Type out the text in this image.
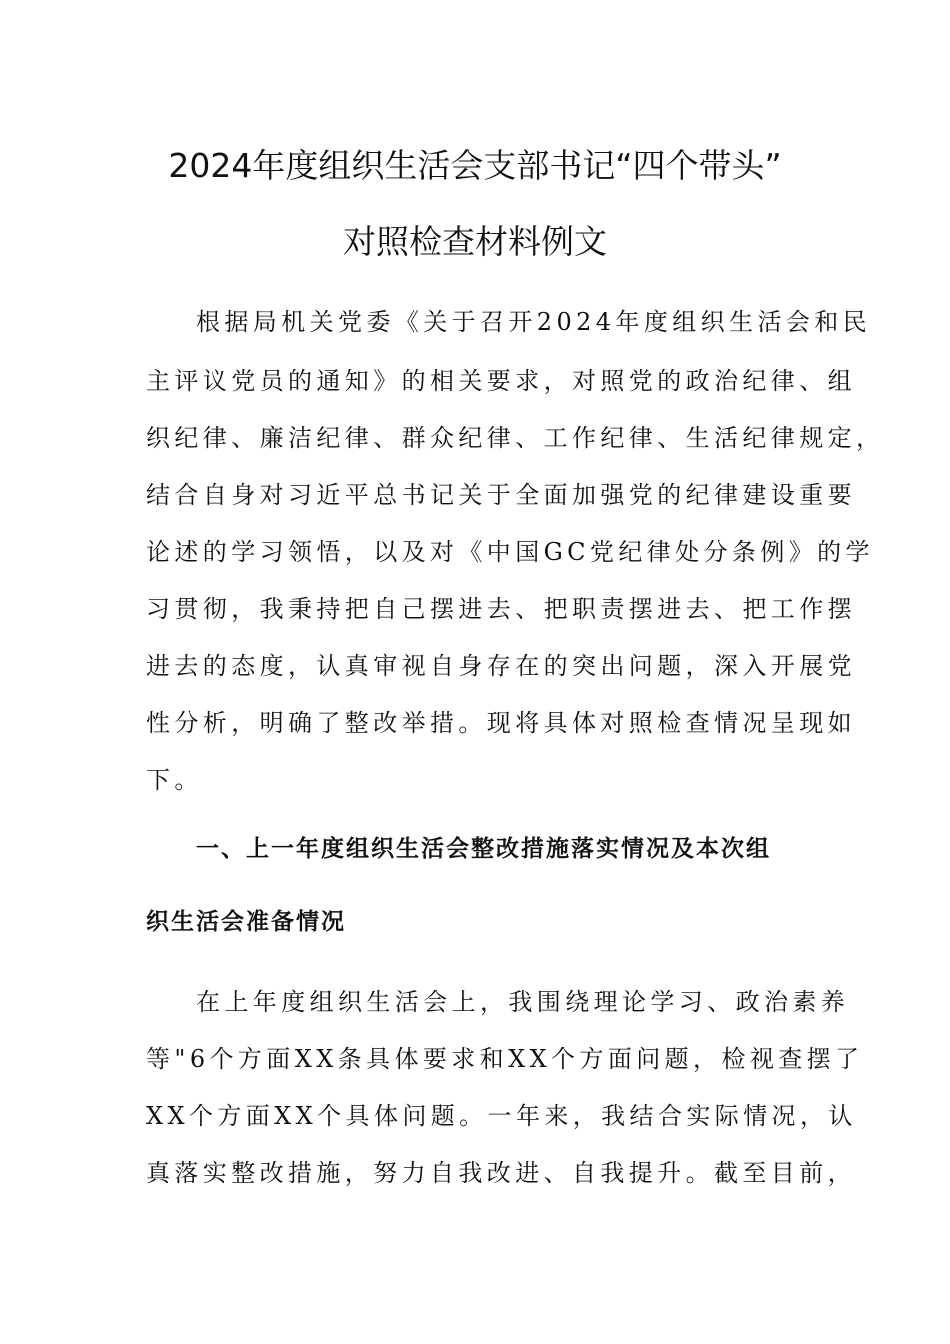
2024年度组织生活会支部书记“四个带头”
对照检查材料例文
根据局机关党委《关于召开2024年度组织生活会和民
主评议党员的通知》的相关要求，对照党的政治纪律、组
织纪律、廉洁纪律、群众纪律、工作纪律、生活纪律规定，
结合自身对习近平总书记关于全面加强党的纪律建设重要
论述的学习领悟，以及对《中国GC党纪律处分条例》的学
习贯彻，我秉持把自己摆进去、把职责摆进去、把工作摆
进去的态度，认真审视自身存在的突出问题，深入开展党
性分析，明确了整改举措。现将具体对照检查情况呈现如
下。
一、上一年度组织生活会整改措施落实情况及本次组
织生活会准备情况
在上年度组织生活会上，我围绕理论学习、政治素养
等"6个方面XX条具体要求和XX个方面问题，检视查摆了
XX个方面XX个具体问题。一年来，我结合实际情况，认
真落实整改措施，努力自我改进、自我提升。截至目前，
